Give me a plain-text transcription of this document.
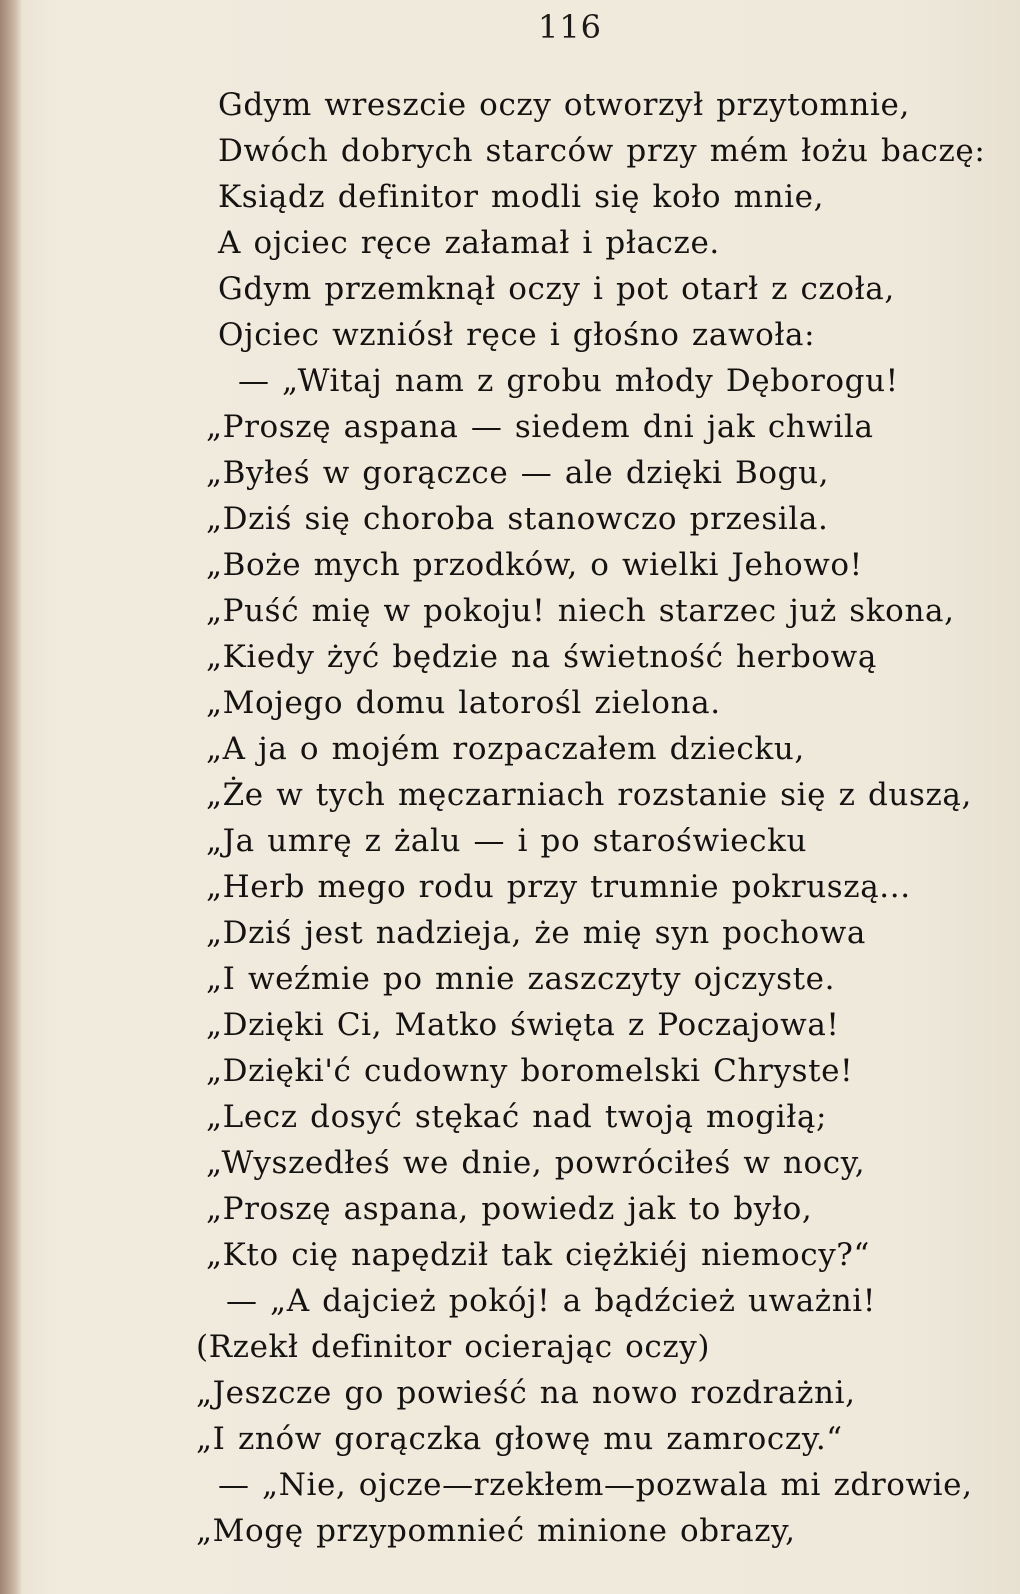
116
Gdym wreszcie oczy otworzył przytomnie,
Dwóch dobrych starców przy mém łożu baczę:
Ksiądz definitor modli się koło mnie,
A ojciec ręce załamał i płacze.
Gdym przemknął oczy i pot otarł z czoła,
Ojciec wzniósł ręce i głośno zawoła:
— „Witaj nam z grobu młody Dęborogu!
„Proszę aspana — siedem dni jak chwila
„Byłeś w gorączce — ale dzięki Bogu,
„Dziś się choroba stanowczo przesila.
„Boże mych przodków, o wielki Jehowo!
„Puść mię w pokoju! niech starzec już skona,
„Kiedy żyć będzie na świetność herbową
„Mojego domu latorośl zielona.
„A ja o mojém rozpaczałem dziecku,
„Że w tych męczarniach rozstanie się z duszą,
„Ja umrę z żalu — i po staroświecku
„Herb mego rodu przy trumnie pokruszą...
„Dziś jest nadzieja, że mię syn pochowa
„I weźmie po mnie zaszczyty ojczyste.
„Dzięki Ci, Matko święta z Poczajowa!
„Dzięki'ć cudowny boromelski Chryste!
„Lecz dosyć stękać nad twoją mogiłą;
„Wyszedłeś we dnie, powróciłeś w nocy,
„Proszę aspana, powiedz jak to było,
„Kto cię napędził tak ciężkiéj niemocy?“
— „A dajcież pokój! a bądźcież uważni!
(Rzekł definitor ocierając oczy)
„Jeszcze go powieść na nowo rozdrażni,
„I znów gorączka głowę mu zamroczy.“
— „Nie, ojcze—rzekłem—pozwala mi zdrowie,
„Mogę przypomnieć minione obrazy,
